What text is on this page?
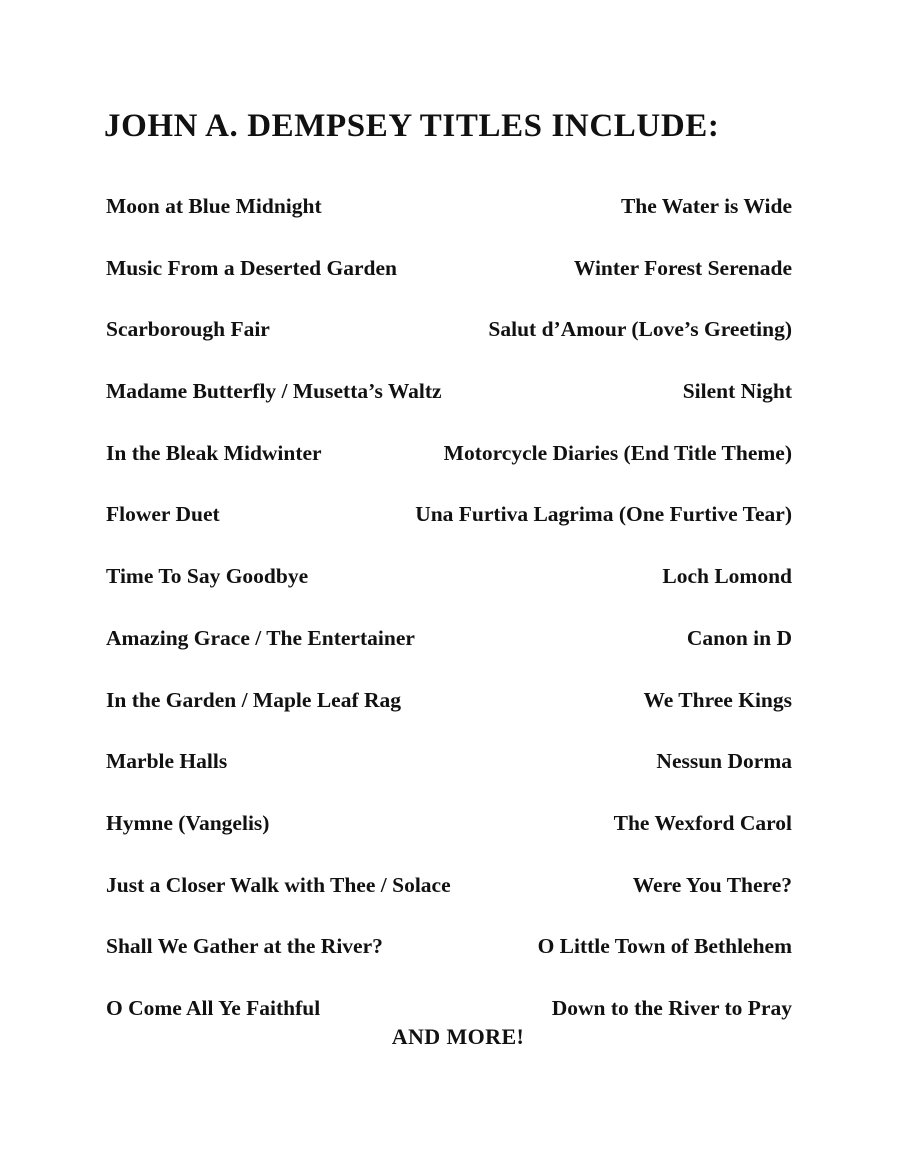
JOHN A. DEMPSEY TITLES INCLUDE:
Moon at Blue Midnight	The Water is Wide
Music From a Deserted Garden	Winter Forest Serenade
Scarborough Fair	Salut d’Amour (Love’s Greeting)
Madame Butterfly / Musetta’s Waltz	Silent Night
In the Bleak Midwinter	Motorcycle Diaries (End Title Theme)
Flower Duet	Una Furtiva Lagrima (One Furtive Tear)
Time To Say Goodbye	Loch Lomond
Amazing Grace / The Entertainer	Canon in D
In the Garden / Maple Leaf Rag	We Three Kings
Marble Halls	Nessun Dorma
Hymne (Vangelis)	The Wexford Carol
Just a Closer Walk with Thee / Solace	Were You There?
Shall We Gather at the River?	O Little Town of Bethlehem
O Come All Ye Faithful	Down to the River to Pray
AND MORE!
